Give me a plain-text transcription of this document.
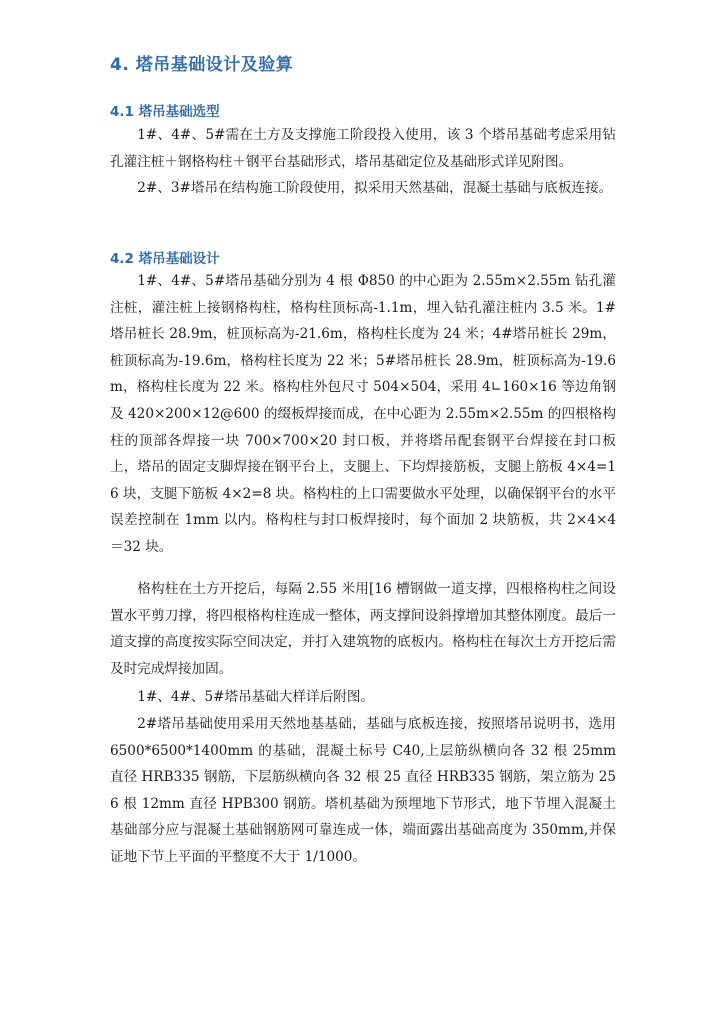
4. 塔吊基础设计及验算
4.1 塔吊基础选型

1#、4#、5#需在土方及支撑施工阶段投入使用，该 3 个塔吊基础考虑采用钻孔灌注桩＋钢格构柱＋钢平台基础形式，塔吊基础定位及基础形式详见附图。

2#、3#塔吊在结构施工阶段使用，拟采用天然基础，混凝土基础与底板连接。

4.2 塔吊基础设计

1#、4#、5#塔吊基础分别为 4 根 Φ850 的中心距为 2.55m×2.55m 钻孔灌注桩，灌注桩上接钢格构柱，格构柱顶标高-1.1m，埋入钻孔灌注桩内 3.5 米。1#塔吊桩长 28.9m，桩顶标高为-21.6m，格构柱长度为 24 米；4#塔吊桩长 29m，桩顶标高为-19.6m，格构柱长度为 22 米；5#塔吊桩长 28.9m，桩顶标高为-19.6m，格构柱长度为 22 米。格构柱外包尺寸 504×504，采用 4∟160×16 等边角钢及 420×200×12@600 的缀板焊接而成，在中心距为 2.55m×2.55m 的四根格构柱的顶部各焊接一块 700×700×20 封口板，并将塔吊配套钢平台焊接在封口板上，塔吊的固定支脚焊接在钢平台上，支腿上、下均焊接筋板，支腿上筋板 4×4=16 块，支腿下筋板 4×2=8 块。格构柱的上口需要做水平处理，以确保钢平台的水平误差控制在 1mm 以内。格构柱与封口板焊接时，每个面加 2 块筋板，共 2×4×4＝32 块。

格构柱在土方开挖后，每隔 2.55 米用[16 槽钢做一道支撑，四根格构柱之间设置水平剪刀撑，将四根格构柱连成一整体，两支撑间设斜撑增加其整体刚度。最后一道支撑的高度按实际空间决定，并打入建筑物的底板内。格构柱在每次土方开挖后需及时完成焊接加固。

1#、4#、5#塔吊基础大样详后附图。

2#塔吊基础使用采用天然地基基础，基础与底板连接，按照塔吊说明书，选用 6500*6500*1400mm 的基础，混凝土标号 C40,上层筋纵横向各 32 根 25mm 直径 HRB335 钢筋，下层筋纵横向各 32 根 25 直径 HRB335 钢筋，架立筋为 256 根 12mm 直径 HPB300 钢筋。塔机基础为预埋地下节形式，地下节埋入混凝土基础部分应与混凝土基础钢筋网可靠连成一体，端面露出基础高度为 350mm,并保证地下节上平面的平整度不大于 1/1000。
